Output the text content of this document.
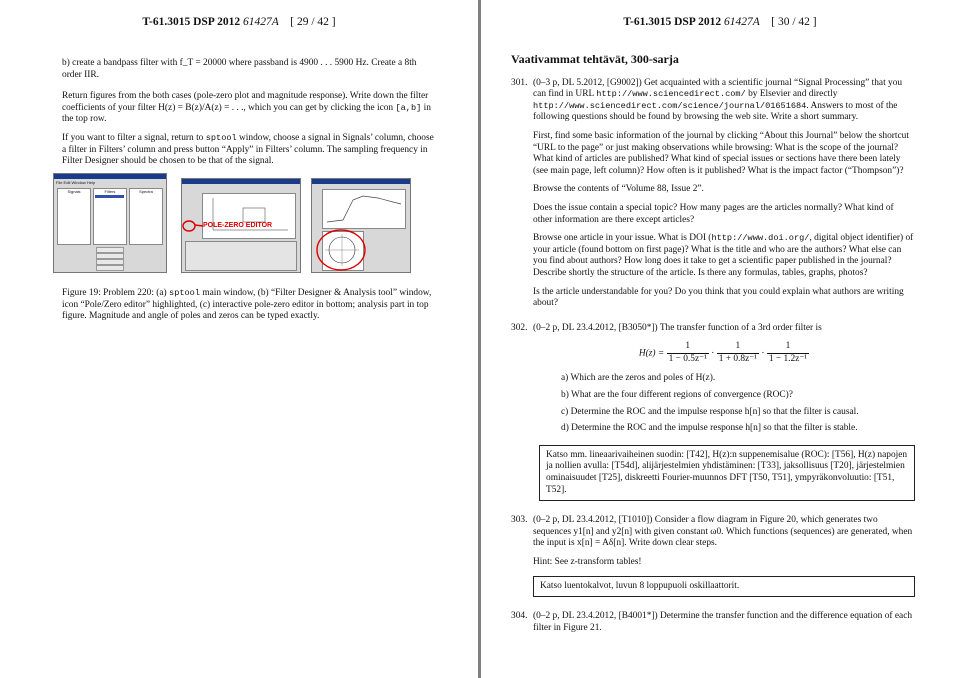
T-61.3015 DSP 2012 61427A [ 29 / 42 ]

b) create a bandpass filter with f_T = 20000 where passband is 4900 . . . 5900 Hz. Create a 8th order IIR.

Return figures from the both cases (pole-zero plot and magnitude response). Write down the filter coefficients of your filter H(z) = B(z)/A(z) = . . ., which you can get by clicking the icon [a,b] in the top row.

If you want to filter a signal, return to sptool window, choose a signal in Signals’ column, choose a filter in Filters’ column and press button “Apply” in Filters’ column. The sampling frequency in Filter Designer should be chosen to be that of the signal.

File Edit Window Help
Signals	Filters	Spectra
POLE-ZERO EDITOR

Figure 19: Problem 220: (a) sptool main window, (b) “Filter Designer & Analysis tool” window, icon “Pole/Zero editor” highlighted, (c) interactive pole-zero editor in bottom; analysis part in top figure. Magnitude and angle of poles and zeros can be typed exactly.

T-61.3015 DSP 2012 61427A [ 30 / 42 ]
Vaativammat tehtävät, 300-sarja
301. (0–3 p, DL 5.2012, [G9002]) Get acquainted with a scientific journal “Signal Processing” that you can find in URL http://www.sciencedirect.com/ by Elsevier and directly http://www.sciencedirect.com/science/journal/01651684. Answers to most of the following questions should be found by browsing the web site. Write a short summary.

First, find some basic information of the journal by clicking “About this Journal” below the shortcut “URL to the page” or just making observations while browsing: What is the scope of the journal? What kind of articles are published? What kind of special issues or sections have there been lately (see main page, left column)? How often is it published? What is the impact factor (“Thompson”)?

Browse the contents of “Volume 88, Issue 2”.

Does the issue contain a special topic? How many pages are the articles normally? What kind of other information are there except articles?

Browse one article in your issue. What is DOI (http://www.doi.org/, digital object identifier) of your article (found bottom on first page)? What is the title and who are the authors? What else can you find about authors? How long does it take to get a scientific paper published in the journal? Describe shortly the structure of the article. Is there any formulas, tables, graphs, photos?

Is the article understandable for you? Do you think that you could explain what authors are writing about?

302. (0–2 p, DL 23.4.2012, [B3050*]) The transfer function of a 3rd order filter is

$H(z) = \frac{1}{\text{1 − 0.5z⁻¹}} \cdot \frac{1}{\text{1 + 0.8z⁻¹}} \cdot \frac{1}{\text{1 − 1.2z⁻¹}}$

a) Which are the zeros and poles of H(z).

b) What are the four different regions of convergence (ROC)?

c) Determine the ROC and the impulse response h[n] so that the filter is causal.

d) Determine the ROC and the impulse response h[n] so that the filter is stable.

Katso mm. lineaarivaiheinen suodin: [T42], H(z):n suppenemisalue (ROC): [T56], H(z) napojen ja nollien avulla: [T54d], alijärjestelmien yhdistäminen: [T33], jaksollisuus [T20], järjestelmien ominaisuudet [T25], diskreetti Fourier-muunnos DFT [T50, T51], ympyräkonvoluutio: [T51, T52].
303. (0–2 p, DL 23.4.2012, [T1010]) Consider a flow diagram in Figure 20, which generates two sequences y1[n] and y2[n] with given constant ω0. Which functions (sequences) are generated, when the input is x[n] = Aδ[n]. Write down clear steps.

Hint: See z-transform tables!

Katso luentokalvot, luvun 8 loppupuoli oskillaattorit.
304. (0–2 p, DL 23.4.2012, [B4001*]) Determine the transfer function and the difference equation of each filter in Figure 21.
